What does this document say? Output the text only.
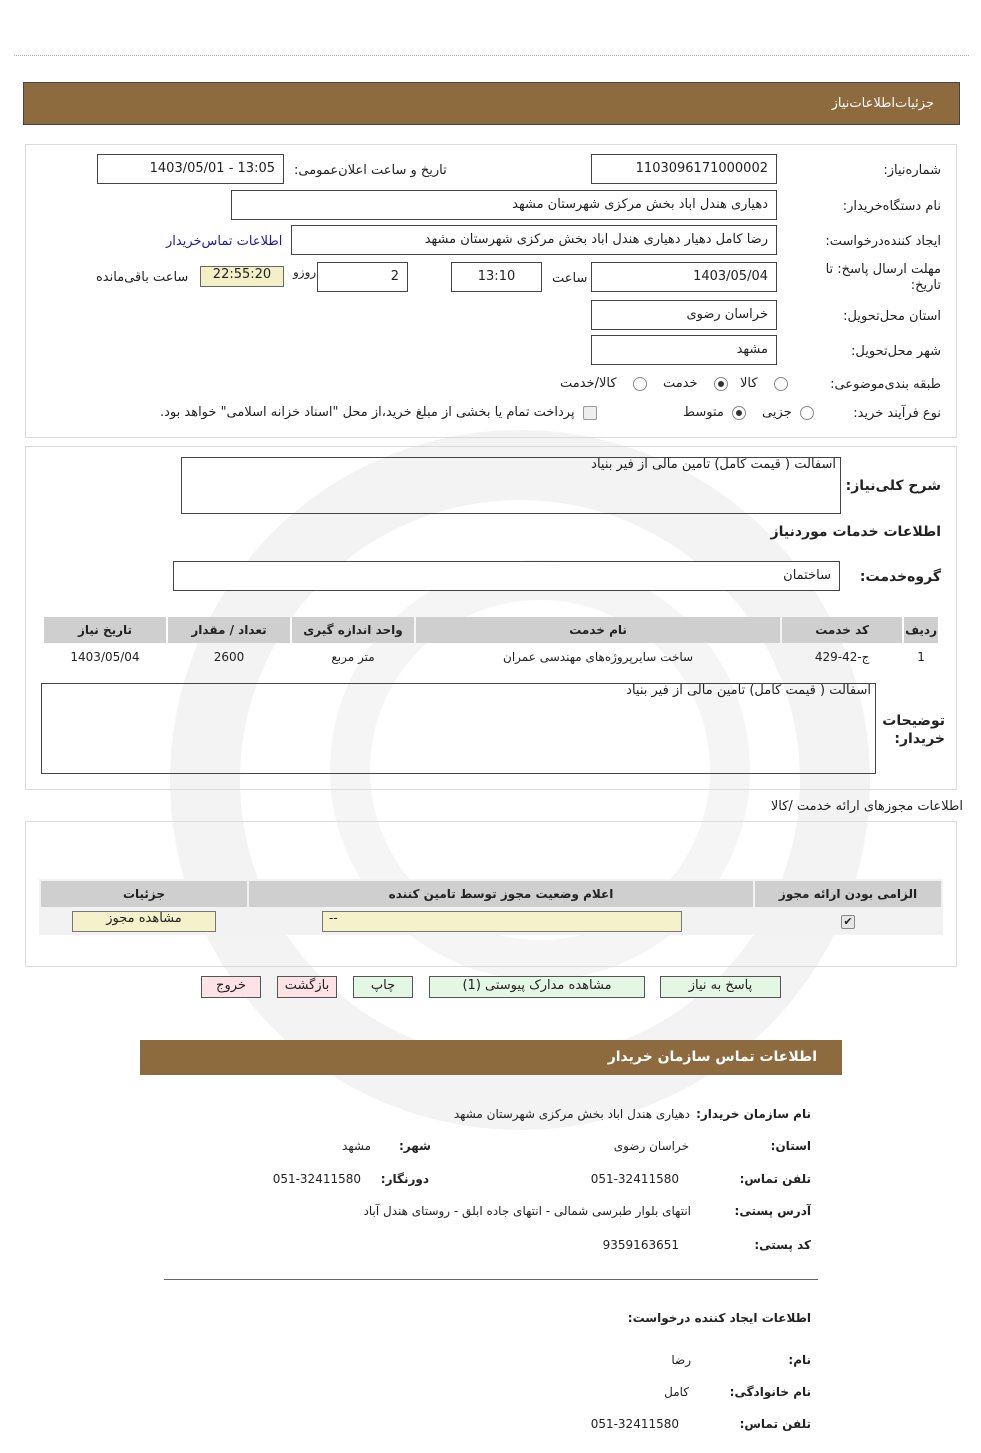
جزئیات‌اطلاعات‌نیاز
شماره‌نیاز:
1103096171000002
تاریخ و ساعت اعلان‌عمومی:
1403/05/01 - 13:05
نام دستگاه‌خریدار:
دهیاری هندل اباد بخش مرکزی شهرستان مشهد
ایجاد کننده‌درخواست:
رضا کامل دهیار دهیاری هندل اباد بخش مرکزی شهرستان مشهد
اطلاعات تماس‌خریدار
مهلت ارسال پاسخ: تا تاریخ:
1403/05/04
ساعت
13:10
2
روزو
22:55:20
ساعت باقی‌مانده
استان محل‌تحویل:
خراسان رضوی
شهر محل‌تحویل:
مشهد
طبقه بندی‌موضوعی:
کالا
خدمت
کالا/خدمت
نوع فرآیند خرید:
جزیی
متوسط
پرداخت تمام یا بخشی از مبلغ خرید،از محل "اسناد خزانه اسلامی" خواهد بود.
شرح کلی‌نیاز:
اسفالت ( قیمت کامل) تامین مالی از فیر بنیاد
اطلاعات خدمات موردنیاز
گروه‌خدمت:
ساختمان
ردیف	کد خدمت	نام خدمت	واحد اندازه گیری	تعداد / مقدار	تاریخ نیاز
1	ج-42-429	ساخت سایرپروژه‌های مهندسی عمران	متر مربع	2600	1403/05/04
توضیحات خریدار:
اسفالت ( قیمت کامل) تامین مالی از فیر بنیاد
اطلاعات مجوزهای ارائه خدمت /کالا
الزامی بودن ارائه مجوز	اعلام وضعیت مجوز توسط تامین کننده	جزئیات
✔	--	مشاهده مجوز
پاسخ به نیاز
مشاهده مدارک پیوستی (1)
چاپ
بازگشت
خروج
اطلاعات تماس سازمان خریدار
نام سازمان خریدار:
دهیاری هندل اباد بخش مرکزی شهرستان مشهد
استان:
خراسان رضوی
شهر:
مشهد
تلفن تماس:
051-32411580
دورنگار:
051-32411580
آدرس پستی:
انتهای بلوار طبرسی شمالی - انتهای جاده ابلق - روستای هندل آباد
کد پستی:
9359163651
اطلاعات ایجاد کننده درخواست:
نام:
رضا
نام خانوادگی:
کامل
تلفن تماس:
051-32411580
